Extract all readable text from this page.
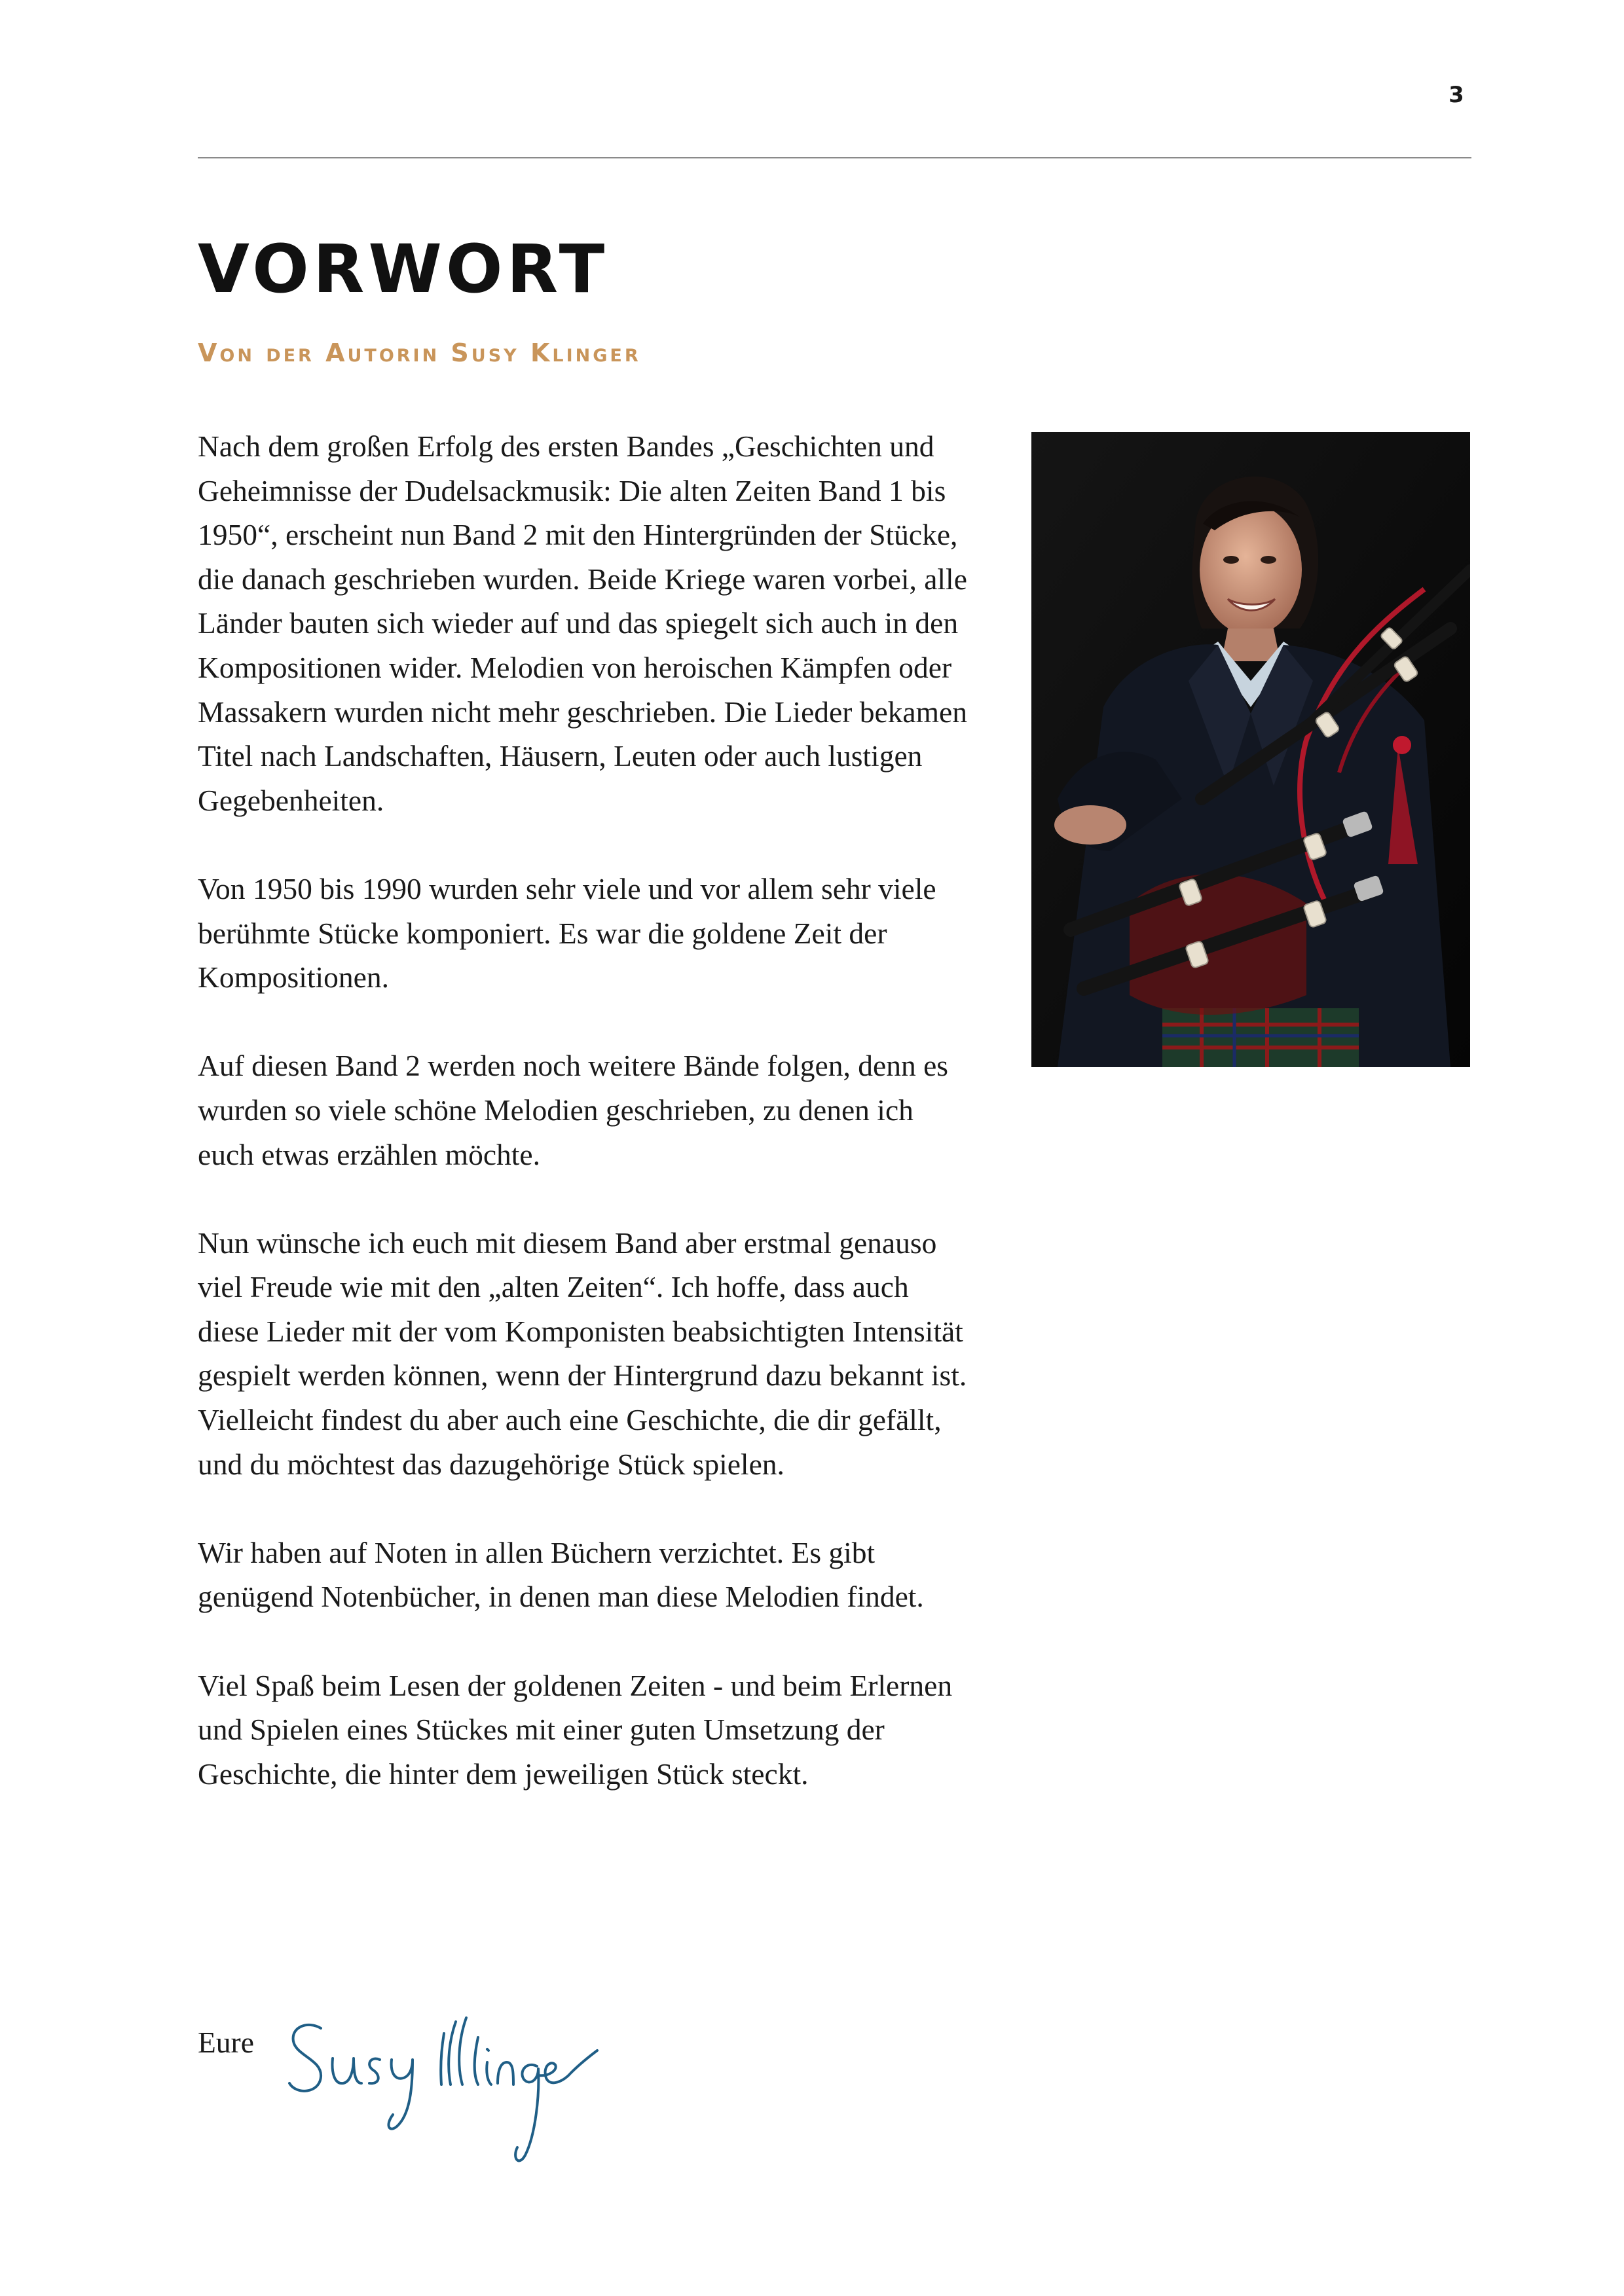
3
VORWORT
Von der Autorin Susy Klinger

Nach dem großen Erfolg des ersten Bandes „Geschichten und Geheimnisse der Dudelsackmusik: Die alten Zeiten Band 1 bis 1950“, erscheint nun Band 2 mit den Hintergründen der Stücke, die danach geschrieben wurden. Beide Kriege waren vorbei, alle Länder bauten sich wieder auf und das spiegelt sich auch in den Kompositionen wider. Melodien von heroischen Kämpfen oder Massakern wurden nicht mehr geschrieben. Die Lieder bekamen Titel nach Landschaften, Häusern, Leuten oder auch lustigen Gegebenheiten.

Von 1950 bis 1990 wurden sehr viele und vor allem sehr viele berühmte Stücke komponiert. Es war die goldene Zeit der Kompositionen.

Auf diesen Band 2 werden noch weitere Bände folgen, denn es wurden so viele schöne Melodien geschrieben, zu denen ich euch etwas erzählen möchte.

Nun wünsche ich euch mit diesem Band aber erstmal genauso viel Freude wie mit den „alten Zeiten“. Ich hoffe, dass auch diese Lieder mit der vom Komponisten beabsichtigten Intensität gespielt werden können, wenn der Hintergrund dazu bekannt ist. Vielleicht findest du aber auch eine Geschichte, die dir gefällt, und du möchtest das dazugehörige Stück spielen.

Wir haben auf Noten in allen Büchern verzichtet. Es gibt genügend Notenbücher, in denen man diese Melodien findet.

Viel Spaß beim Lesen der goldenen Zeiten - und beim Erlernen und Spielen eines Stückes mit einer guten Umsetzung der Geschichte, die hinter dem jeweiligen Stück steckt.

Eure
